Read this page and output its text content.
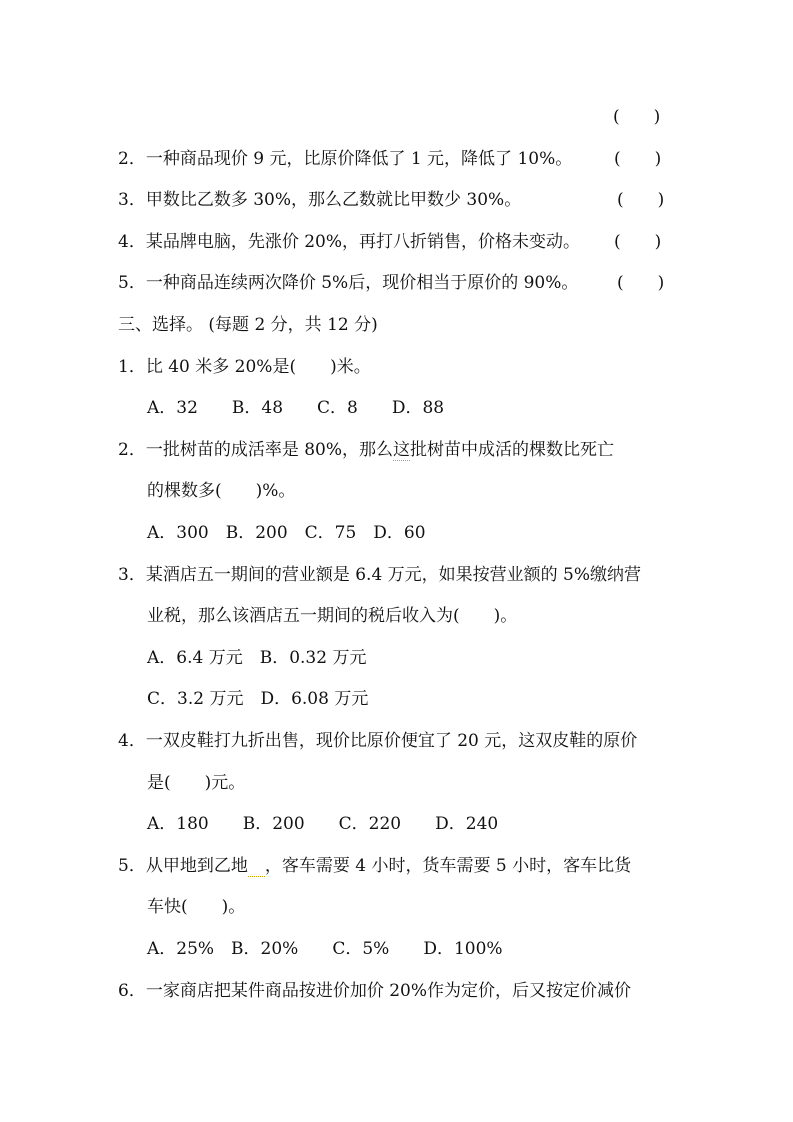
(　　)
2．一种商品现价 9 元，比原价降低了 1 元，降低了 10%。 (　　)
3．甲数比乙数多 30%，那么乙数就比甲数少 30%。	(　　)
4．某品牌电脑，先涨价 20%，再打八折销售，价格未变动。 (　　)
5．一种商品连续两次降价 5%后，现价相当于原价的 90%。 (　　)
三、选择。 (每题 2 分，共 12 分)
1．比 40 米多 20%是(　　)米。
A．32　　B．48　　C．8　　D．88
2．一批树苗的成活率是 80%，那么这批树苗中成活的棵数比死亡
的棵数多(　　)%。
A．300　B．200　C．75　D．60
3．某酒店五一期间的营业额是 6.4 万元，如果按营业额的 5%缴纳营
业税，那么该酒店五一期间的税后收入为(　　)。
A．6.4 万元　B．0.32 万元
C．3.2 万元　D．6.08 万元
4．一双皮鞋打九折出售，现价比原价便宜了 20 元，这双皮鞋的原价
是(　　)元。
A．180　　B．200　　C．220　　D．240
5．从甲地到乙地　 ，客车需要 4 小时，货车需要 5 小时，客车比货
车快(　　)。
A．25%　B．20%　　C．5%　　D．100%
6．一家商店把某件商品按进价加价 20%作为定价，后又按定价减价
